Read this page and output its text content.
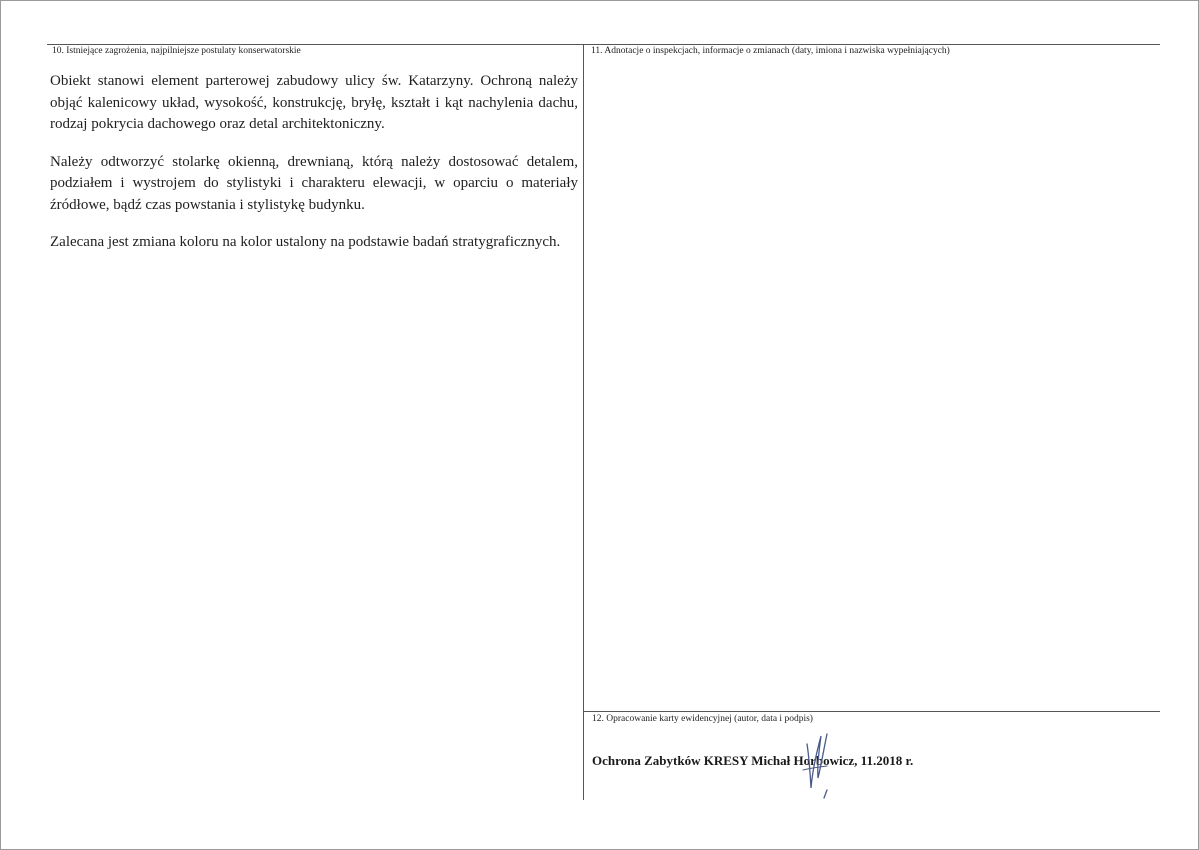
10. Istniejące zagrożenia, najpilniejsze postulaty konserwatorskie

Obiekt stanowi element parterowej zabudowy ulicy św. Katarzyny. Ochroną należy objąć kalenicowy układ, wysokość, konstrukcję, bryłę, kształt i kąt nachylenia dachu, rodzaj pokrycia dachowego oraz detal architektoniczny.

Należy odtworzyć stolarkę okienną, drewnianą, którą należy dostosować detalem, podziałem i wystrojem do stylistyki i charakteru elewacji, w oparciu o materiały źródłowe, bądź czas powstania i stylistykę budynku.

Zalecana jest zmiana koloru na kolor ustalony na podstawie badań stratygraficznych.

11. Adnotacje o inspekcjach, informacje o zmianach (daty, imiona i nazwiska wypełniających)
12. Opracowanie karty ewidencyjnej (autor, data i podpis)
Ochrona Zabytków KRESY Michał Horbowicz, 11.2018 r.
